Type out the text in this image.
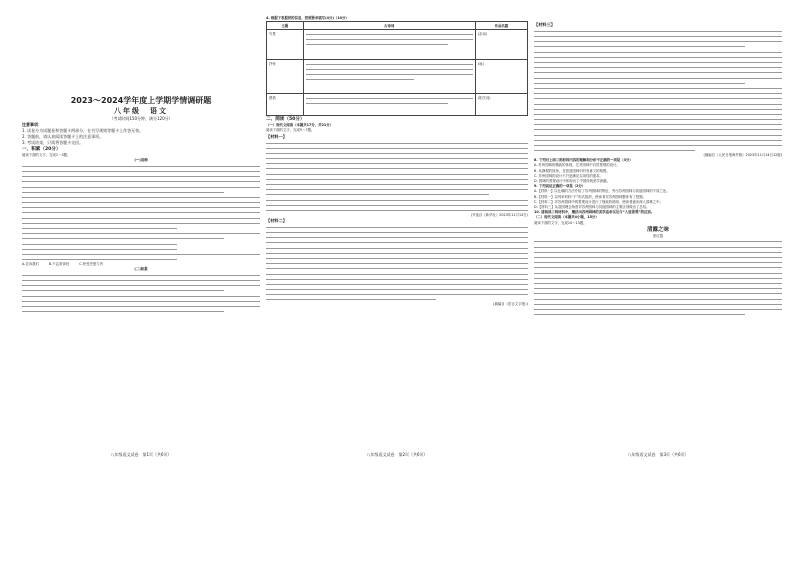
2023～2024学年度上学期学情调研题
八年级　语文
（考试时间150分钟，满分120分）
注意事项：
1. 试卷分为试题卷和答题卡两部分，在书写规则等题卡上作答无效。
2. 答题前，请认真阅读答题卡上的注意事项。
3. 考试结束，只需将答题卡交回。
一、积累（20分）
阅读下面的文字，完成1～3题。
(一)说梅
A.告诉我们	B.不忘常读经	C.快受史建力内
(二)积累
八年级语文试卷　第1页（共6页）
4. 根据下表提供的信息，按照要求填写(4分)（10分）
主题	古诗词	作品名篇
写景		(杂诗)
抒怀		(咏)
感悟		(阳关词)
二、阅读（50分）
（一）现代文阅读（本题共17分，共21分）
阅读下面的文字，完成5～7题。
【材料一】
(节选自《新华社》2023年11月13日)
【材料二】
(摘编自《语言文字报》)
八年级语文试卷　第2页（共6页）
【材料三】
(摘编自《人民日报海外版》2023年11月14日12版)
8. 下列对上面三则材料内容的理解和分析不正确的一项是（3分）
A. 苏州园林的精致的体现，它对园林中自然景观的设计。
B. 从静观的视角，在营造园林中的有意义的构图。
C. 苏州园林的设计不只是满足实用性的需求。
D. 园林的景观设计中体现出了中国传统美学意趣。
9. 下列说法正确的一项是（2分）
A.【材料一】以比喻的方法介绍了苏州园林的特征，突出苏州园林与其他园林的不同之处。
B.【材料一】以列举材料“不”形式组织，使读者对苏州园林整体有了把握。
C.【材料二】对苏州园林中的景观设计进行了细致的说明，使读者逐步深入园林之中。
D.【材料三】从造园理念角度对苏州园林与其他园林的主要区别做出了总结。
10. 请阅读三则材料中，概括出苏州园林的美学追求以及与“人造景观”的区别。
（二）现代文阅读（本题共4小题，15分）
阅读下面的文字，完成10～13题。
清露之味
张红霞
八年级语文试卷　第3页（共6页）
